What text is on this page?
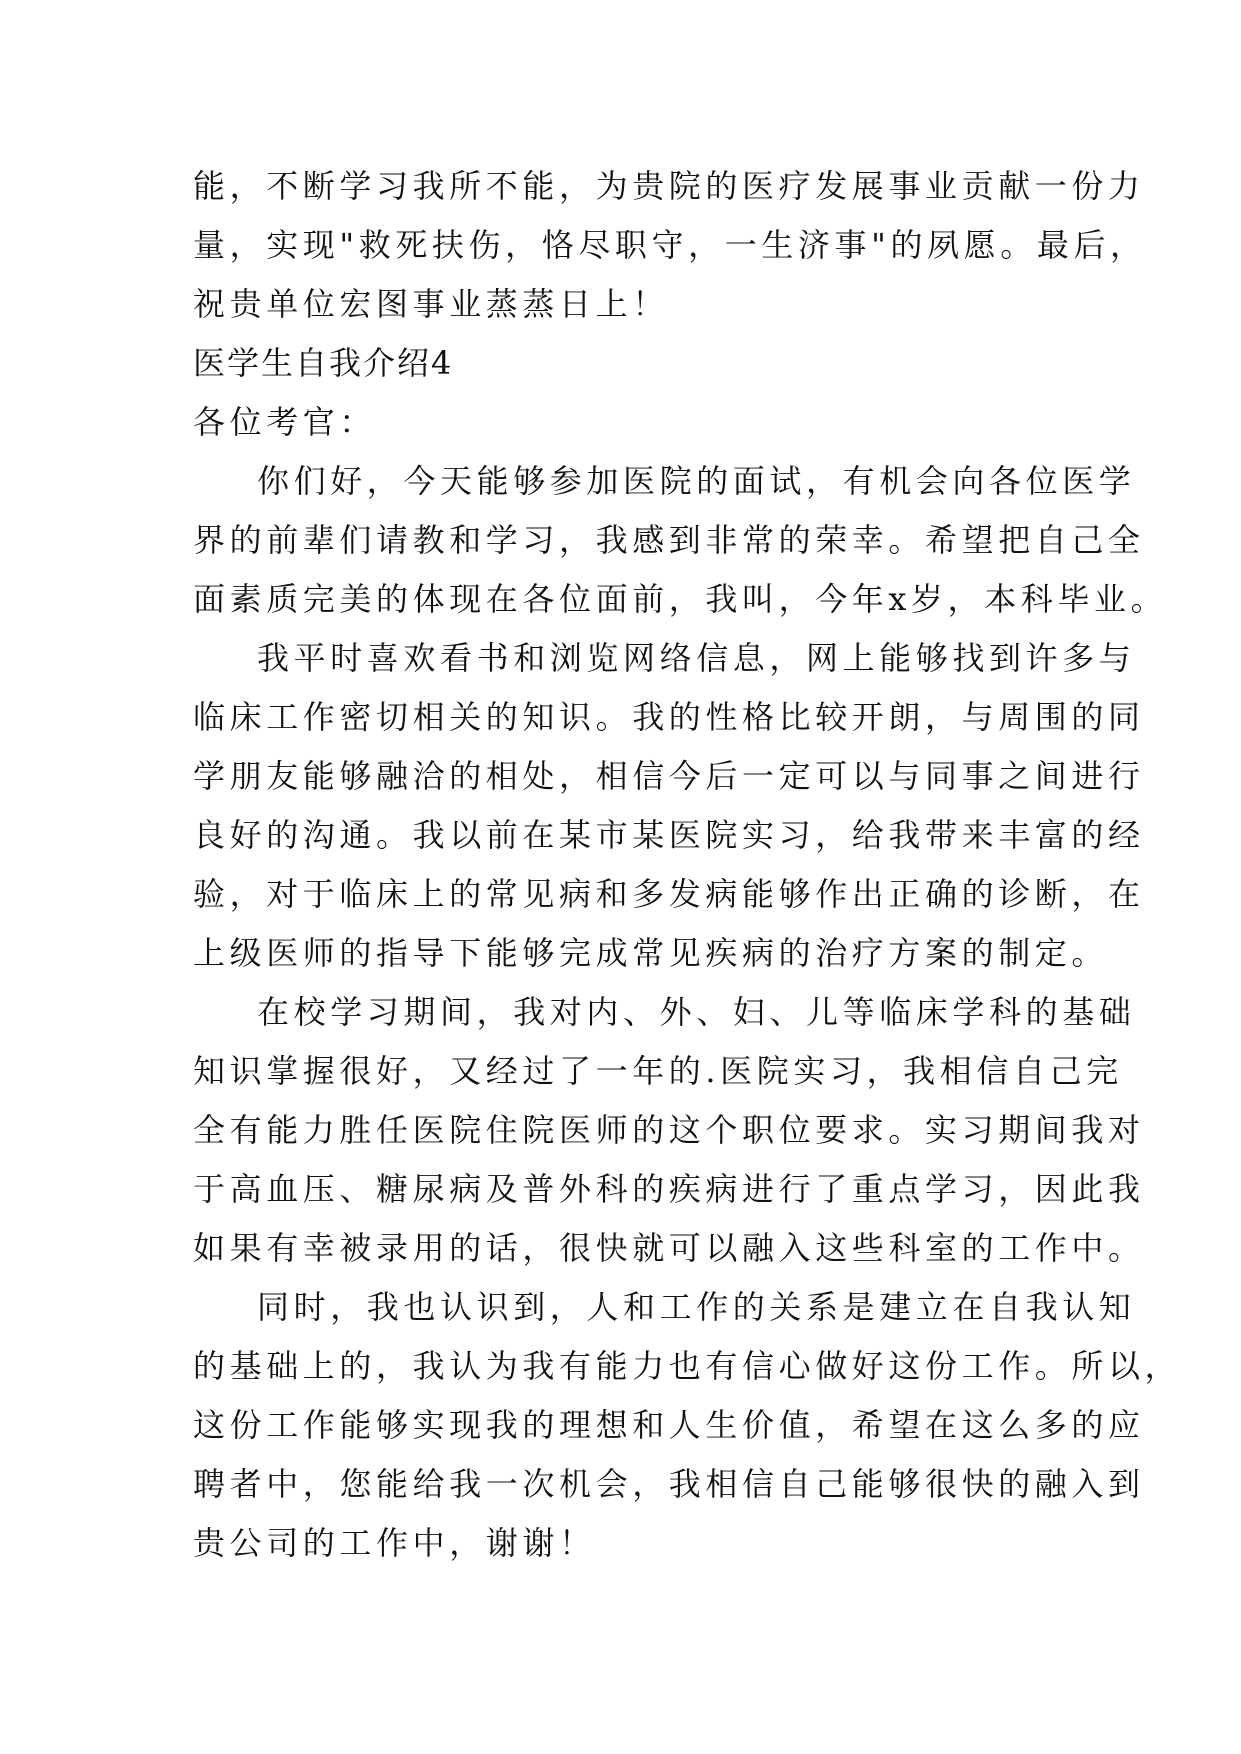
能，不断学习我所不能，为贵院的医疗发展事业贡献一份力
量，实现"救死扶伤，恪尽职守，一生济事"的夙愿。最后，
祝贵单位宏图事业蒸蒸日上！
医学生自我介绍4
各位考官：
你们好，今天能够参加医院的面试，有机会向各位医学
界的前辈们请教和学习，我感到非常的荣幸。希望把自己全
面素质完美的体现在各位面前，我叫，今年x岁，本科毕业。
我平时喜欢看书和浏览网络信息，网上能够找到许多与
临床工作密切相关的知识。我的性格比较开朗，与周围的同
学朋友能够融洽的相处，相信今后一定可以与同事之间进行
良好的沟通。我以前在某市某医院实习，给我带来丰富的经
验，对于临床上的常见病和多发病能够作出正确的诊断，在
上级医师的指导下能够完成常见疾病的治疗方案的制定。
在校学习期间，我对内、外、妇、儿等临床学科的基础
知识掌握很好，又经过了一年的.医院实习，我相信自己完
全有能力胜任医院住院医师的这个职位要求。实习期间我对
于高血压、糖尿病及普外科的疾病进行了重点学习，因此我
如果有幸被录用的话，很快就可以融入这些科室的工作中。
同时，我也认识到，人和工作的关系是建立在自我认知
的基础上的，我认为我有能力也有信心做好这份工作。所以，
这份工作能够实现我的理想和人生价值，希望在这么多的应
聘者中，您能给我一次机会，我相信自己能够很快的融入到
贵公司的工作中，谢谢！
